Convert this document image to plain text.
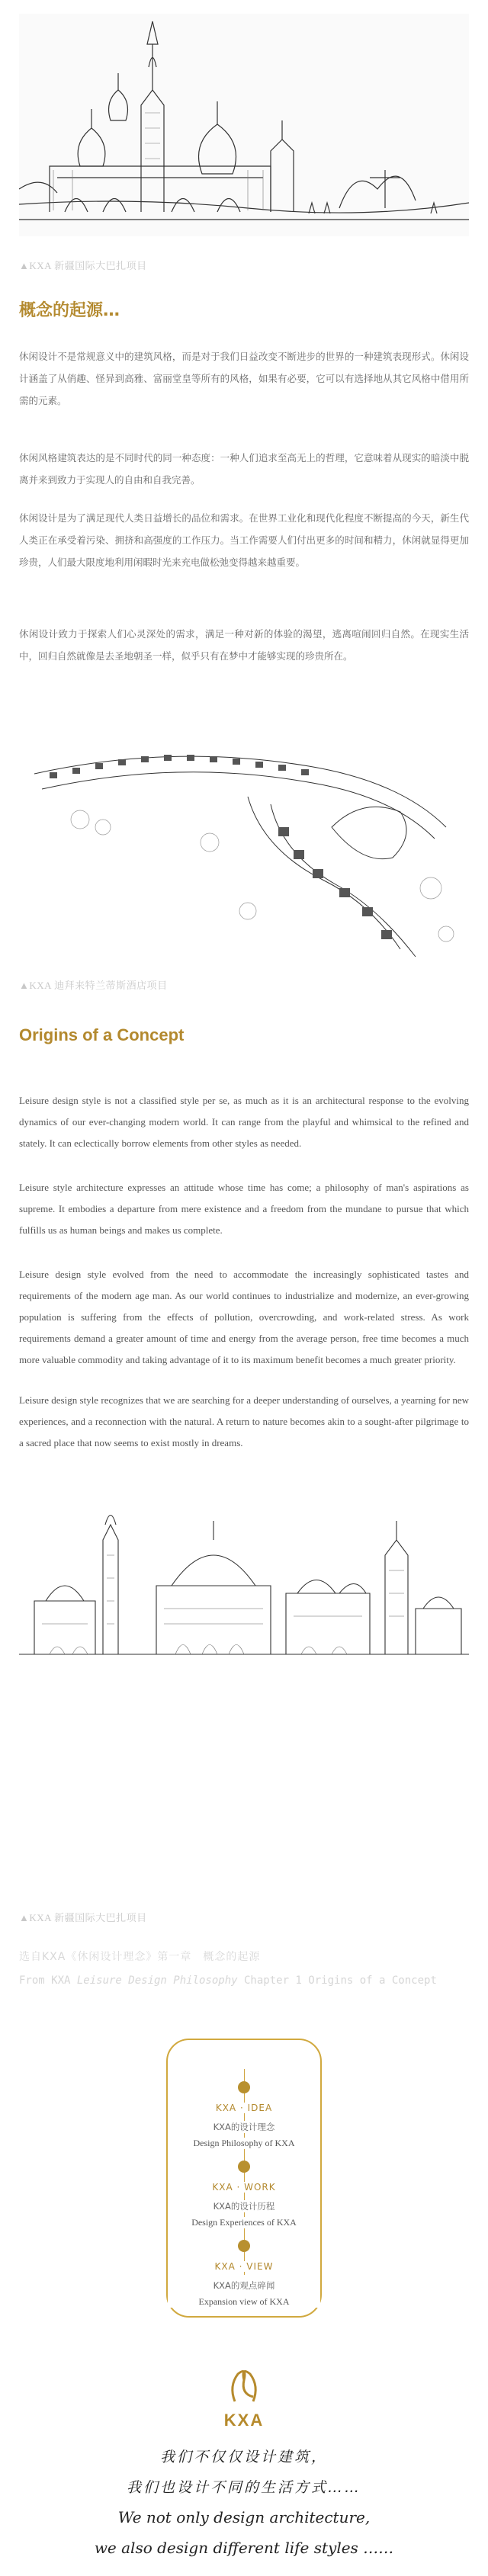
▲KXA 新疆国际大巴扎项目
概念的起源…
休闲设计不是常规意义中的建筑风格，而是对于我们日益改变不断进步的世界的一种建筑表现形式。休闲设计涵盖了从俏趣、怪异到高雅、富丽堂皇等所有的风格，如果有必要，它可以有选择地从其它风格中借用所需的元素。
休闲风格建筑表达的是不同时代的同一种态度：一种人们追求至高无上的哲理，它意味着从现实的暗淡中脱离并来到致力于实现人的自由和自我完善。
休闲设计是为了满足现代人类日益增长的品位和需求。在世界工业化和现代化程度不断提高的今天，新生代人类正在承受着污染、拥挤和高强度的工作压力。当工作需要人们付出更多的时间和精力，休闲就显得更加珍贵，人们最大限度地利用闲暇时光来充电做松弛变得越来越重要。
休闲设计致力于探索人们心灵深处的需求，满足一种对新的体验的渴望，逃离喧闹回归自然。在现实生活中，回归自然就像是去圣地朝圣一样，似乎只有在梦中才能够实现的珍贵所在。
▲KXA 迪拜来特兰蒂斯酒店项目
Origins of a Concept
Leisure design style is not a classified style per se, as much as it is an architectural response to the evolving dynamics of our ever-changing modern world. It can range from the playful and whimsical to the refined and stately. It can eclectically borrow elements from other styles as needed.
Leisure style architecture expresses an attitude whose time has come; a philosophy of man's aspirations as supreme. It embodies a departure from mere existence and a freedom from the mundane to pursue that which fulfills us as human beings and makes us complete.
Leisure design style evolved from the need to accommodate the increasingly sophisticated tastes and requirements of the modern age man. As our world continues to industrialize and modernize, an ever-growing population is suffering from the effects of pollution, overcrowding, and work-related stress. As work requirements demand a greater amount of time and energy from the average person, free time becomes a much more valuable commodity and taking advantage of it to its maximum benefit becomes a much greater priority.
Leisure design style recognizes that we are searching for a deeper understanding of ourselves, a yearning for new experiences, and a reconnection with the natural. A return to nature becomes akin to a sought-after pilgrimage to a sacred place that now seems to exist mostly in dreams.
▲KXA 新疆国际大巴扎项目
选自KXA《休闲设计理念》第一章　概念的起源
From KXA Leisure Design Philosophy Chapter 1 Origins of a Concept
KXA · IDEA
KXA的设计理念
Design Philosophy of KXA
KXA · WORK
KXA的设计历程
Design Experiences of KXA
KXA · VIEW
KXA的观点碎闻
Expansion view of KXA
KXA
我们不仅仅设计建筑，
我们也设计不同的生活方式……
We not only design architecture,
we also design different life styles ……
